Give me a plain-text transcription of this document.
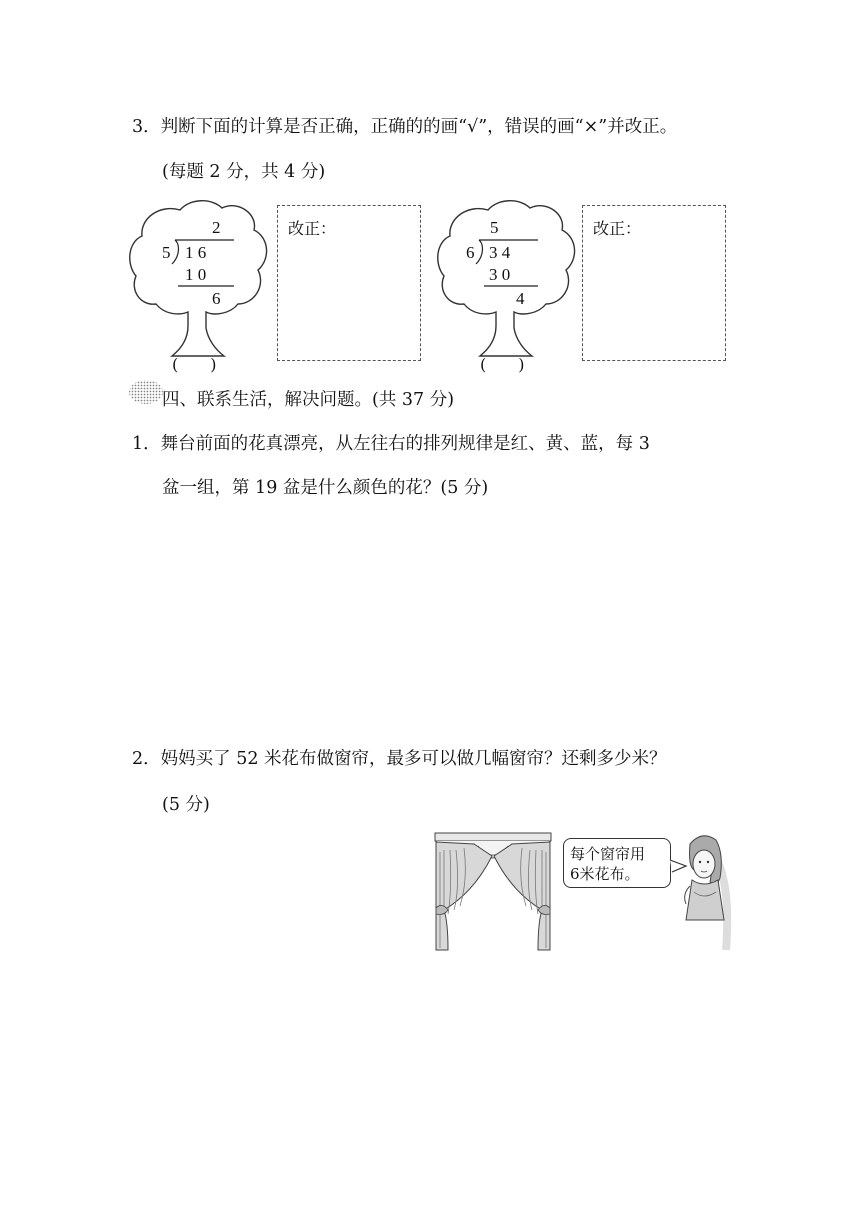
3．判断下面的计算是否正确，正确的的画“√”，错误的画“×”并改正。
(每题 2 分，共 4 分)
2
5 1 6
1 0
6
(　　)
改正：	5
6 3 4
3 0
4
(　　)
改正：
四、联系生活，解决问题。(共 37 分)
1．舞台前面的花真漂亮，从左往右的排列规律是红、黄、蓝，每 3
盆一组，第 19 盆是什么颜色的花？(5 分)
2．妈妈买了 52 米花布做窗帘，最多可以做几幅窗帘？还剩多少米？
(5 分)
每个窗帘用
6米花布。
